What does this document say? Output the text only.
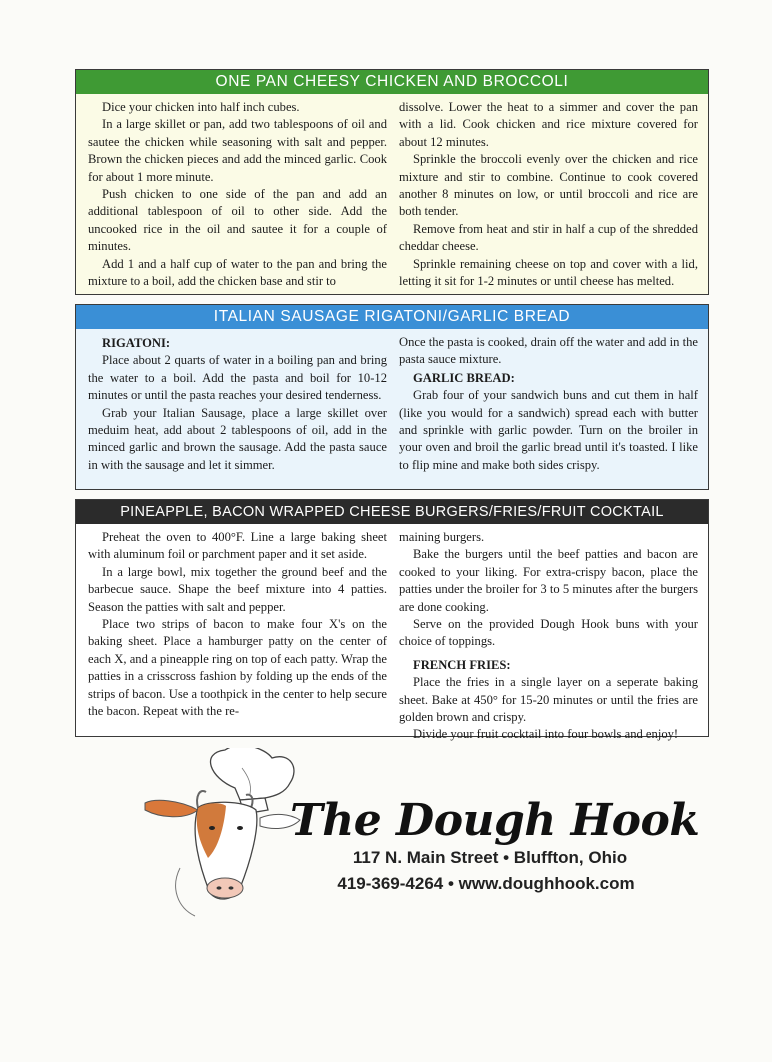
ONE PAN CHEESY CHICKEN AND BROCCOLI

Dice your chicken into half inch cubes.

In a large skillet or pan, add two tablespoons of oil and sautee the chicken while seasoning with salt and pepper. Brown the chicken pieces and add the minced garlic. Cook for about 1 more minute.

Push chicken to one side of the pan and add an additional tablespoon of oil to other side. Add the uncooked rice in the oil and sautee it for a couple of minutes.

Add 1 and a half cup of water to the pan and bring the mixture to a boil, add the chicken base and stir to

dissolve. Lower the heat to a simmer and cover the pan with a lid. Cook chicken and rice mixture covered for about 12 minutes.

Sprinkle the broccoli evenly over the chicken and rice mixture and stir to combine. Continue to cook covered another 8 minutes on low, or until broccoli and rice are both tender.

Remove from heat and stir in half a cup of the shredded cheddar cheese.

Sprinkle remaining cheese on top and cover with a lid, letting it sit for 1-2 minutes or until cheese has melted.

ITALIAN SAUSAGE RIGATONI/GARLIC BREAD

RIGATONI:

Place about 2 quarts of water in a boiling pan and bring the water to a boil. Add the pasta and boil for 10-12 minutes or until the pasta reaches your desired tenderness.

Grab your Italian Sausage, place a large skillet over meduim heat, add about 2 tablespoons of oil, add in the minced garlic and brown the sausage. Add the pasta sauce in with the sausage and let it simmer.

Once the pasta is cooked, drain off the water and add in the pasta sauce mixture.

GARLIC BREAD:

Grab four of your sandwich buns and cut them in half (like you would for a sandwich) spread each with butter and sprinkle with garlic powder. Turn on the broiler in your oven and broil the garlic bread until it's toasted. I like to flip mine and make both sides crispy.

PINEAPPLE, BACON WRAPPED CHEESE BURGERS/FRIES/FRUIT COCKTAIL

Preheat the oven to 400°F. Line a large baking sheet with aluminum foil or parchment paper and it set aside.

In a large bowl, mix together the ground beef and the barbecue sauce. Shape the beef mixture into 4 patties. Season the patties with salt and pepper.

Place two strips of bacon to make four X's on the baking sheet. Place a hamburger patty on the center of each X, and a pineapple ring on top of each patty. Wrap the patties in a crisscross fashion by folding up the ends of the strips of bacon. Use a toothpick in the center to help secure the bacon. Repeat with the re-

maining burgers.

Bake the burgers until the beef patties and bacon are cooked to your liking. For extra-crispy bacon, place the patties under the broiler for 3 to 5 minutes after the burgers are done cooking.

Serve on the provided Dough Hook buns with your choice of toppings.

FRENCH FRIES:

Place the fries in a single layer on a seperate baking sheet. Bake at 450° for 15-20 minutes or until the fries are golden brown and crispy.

Divide your fruit cocktail into four bowls and enjoy!

The Dough Hook
117 N. Main Street • Bluffton, Ohio
419-369-4264 • www.doughhook.com
